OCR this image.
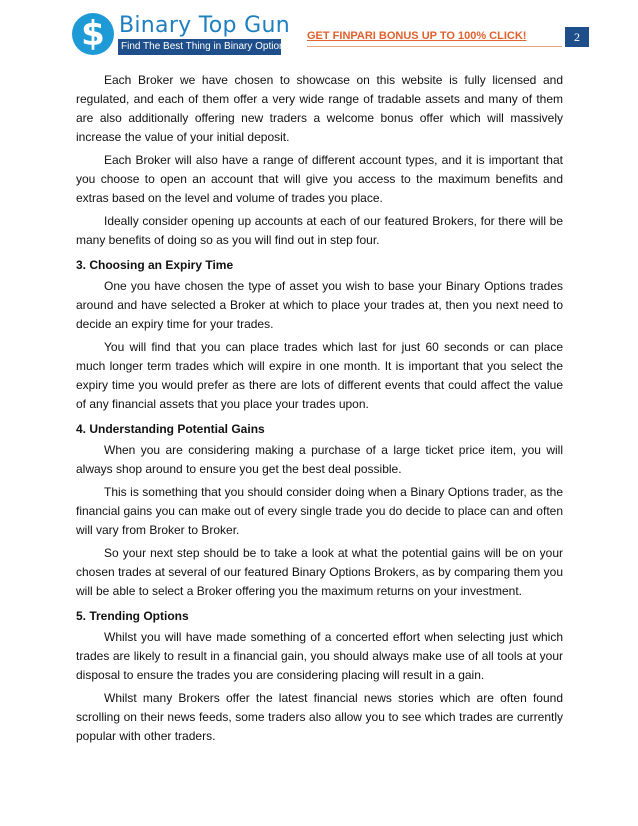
$ Binary Top Gun
Find The Best Thing in Binary Options
GET FINPARI BONUS UP TO 100% CLICK!	2

Each Broker we have chosen to showcase on this website is fully licensed and regulated, and each of them offer a very wide range of tradable assets and many of them are also additionally offering new traders a welcome bonus offer which will massively increase the value of your initial deposit.

Each Broker will also have a range of different account types, and it is important that you choose to open an account that will give you access to the maximum benefits and extras based on the level and volume of trades you place.

Ideally consider opening up accounts at each of our featured Brokers, for there will be many benefits of doing so as you will find out in step four.

3. Choosing an Expiry Time

One you have chosen the type of asset you wish to base your Binary Options trades around and have selected a Broker at which to place your trades at, then you next need to decide an expiry time for your trades.

You will find that you can place trades which last for just 60 seconds or can place much longer term trades which will expire in one month. It is important that you select the expiry time you would prefer as there are lots of different events that could affect the value of any financial assets that you place your trades upon.

4. Understanding Potential Gains

When you are considering making a purchase of a large ticket price item, you will always shop around to ensure you get the best deal possible.

This is something that you should consider doing when a Binary Options trader, as the financial gains you can make out of every single trade you do decide to place can and often will vary from Broker to Broker.

So your next step should be to take a look at what the potential gains will be on your chosen trades at several of our featured Binary Options Brokers, as by comparing them you will be able to select a Broker offering you the maximum returns on your investment.

5. Trending Options

Whilst you will have made something of a concerted effort when selecting just which trades are likely to result in a financial gain, you should always make use of all tools at your disposal to ensure the trades you are considering placing will result in a gain.

Whilst many Brokers offer the latest financial news stories which are often found scrolling on their news feeds, some traders also allow you to see which trades are currently popular with other traders.
